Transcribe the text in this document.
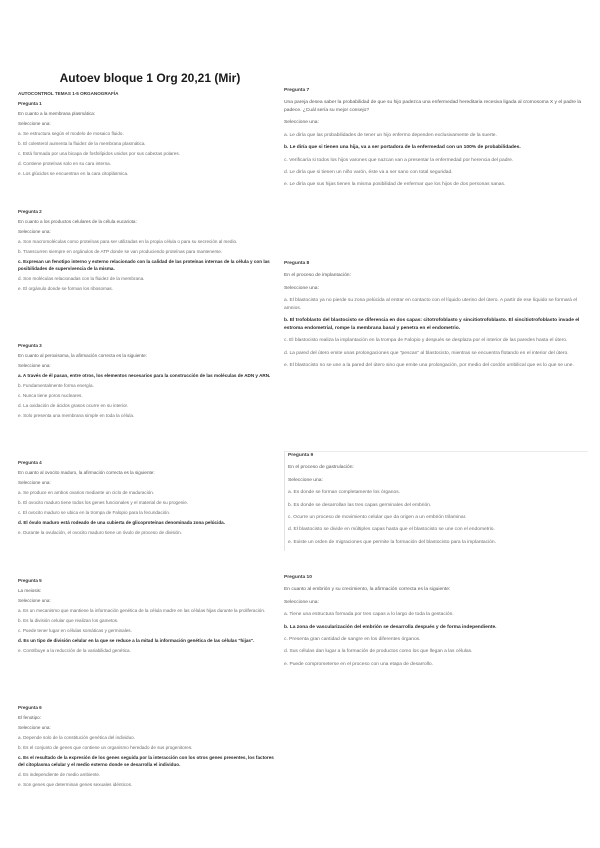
Autoev bloque 1 Org 20,21 (Mir)

AUTOCONTROL TEMAS 1-5 ORGANOGRAFÍA

Pregunta 1

En cuanto a la membrana plasmática:

Seleccione una:

a. Se estructura según el modelo de mosaico fluido.

b. El colesterol aumenta la fluidez de la membrana plasmática.

c. Está formada por una bicapa de fosfolípidos unidos por sus cabezas polares.

d. Contiene proteínas solo en su cara interna.

e. Los glúcidos se encuentran en la cara citoplásmica.

Pregunta 2

En cuanto a los productos celulares de la célula eucariota:

Seleccione una:

a. Son macromoléculas como proteínas para ser utilizadas en la propia célula o para su secreción al medio.

b. Transcurren siempre en orgánulos de ATP donde se van produciendo proteínas para mantenerse.

c. Expresan un fenotipo interno y externo relacionado con la calidad de las proteínas internas de la célula y con las posibilidades de supervivencia de la misma.

d. Son moléculas relacionadas con la fluidez de la membrana.

e. El orgánulo donde se forman los ribosomas.

Pregunta 3

En cuanto al peroxisoma, la afirmación correcta es la siguiente:

Seleccione una:

a. A través de él pasan, entre otros, los elementos necesarios para la construcción de las moléculas de ADN y ARN.

b. Fundamentalmente forma energía.

c. Nunca tiene poros nucleares.

d. La oxidación de ácidos grasos ocurre en su interior.

e. Solo presenta una membrana simple en toda la célula.

Pregunta 4

En cuanto al ovocito maduro, la afirmación correcta es la siguiente:

Seleccione una:

a. Se produce en ambos ovarios mediante un ciclo de maduración.

b. El ovocito maduro tiene todos los genes funcionales y el material de su progenie.

c. El ovocito maduro se ubica en la trompa de Falopio para la fecundación.

d. El óvulo maduro está rodeado de una cubierta de glicoproteínas denominada zona pelúcida.

e. Durante la ovulación, el ovocito maduro tiene un óvulo de proceso de división.

Pregunta 5

La meiosis:

Seleccione una:

a. Es un mecanismo que mantiene la información genética de la célula madre en las células hijas durante la proliferación.

b. Es la división celular que realizan los gametos.

c. Puede tener lugar en células somáticas y germinales.

d. Es un tipo de división celular en la que se reduce a la mitad la información genética de las células "hijas".

e. Contribuye a la reducción de la variabilidad genética.

Pregunta 6

El fenotipo:

Seleccione una:

a. Depende solo de la constitución genética del individuo.

b. Es el conjunto de genes que contiene un organismo heredado de sus progenitores.

c. Es el resultado de la expresión de los genes seguida por la interacción con los otros genes presentes, los factores del citoplasma celular y el medio externo donde se desarrolla el individuo.

d. Es independiente de medio ambiente.

e. Son genes que determinan genes sexuales idénticos.

Pregunta 7

Una pareja desea saber la probabilidad de que su hijo padezca una enfermedad hereditaria recesiva ligada al cromosoma X y el padre la padece. ¿Cuál sería su mejor consejo?

Seleccione una:

a. Le diría que las probabilidades de tener un hijo enfermo dependen exclusivamente de la suerte.

b. Le diría que si tienen una hija, va a ser portadora de la enfermedad con un 100% de probabilidades.

c. Verificaría si todos los hijos varones que nazcan van a presentar la enfermedad por herencia del padre.

d. Le diría que si tienen un niño varón, éste va a ser sano con total seguridad.

e. Le diría que sus hijas tienen la misma posibilidad de enfermar que los hijos de dos personas sanas.

Pregunta 8

En el proceso de implantación:

Seleccione una:

a. El blastocisto ya no pierde su zona pelúcida al entrar en contacto con el líquido uterino del útero. A partir de ese líquido se formará el amnios.

b. El trofoblasto del blastocisto se diferencia en dos capas: citotrofoblasto y sincitiotrofoblasto. El sincitiotrofoblasto invade el estroma endometrial, rompe la membrana basal y penetra en el endometrio.

c. El blastocisto realiza la implantación en la trompa de Falopio y después se desplaza por el interior de las paredes hasta el útero.

d. La pared del útero emite unas prolongaciones que "pescan" al blastocisto, mientras se encuentra flotando en el interior del útero.

e. El blastocisto no se une a la pared del útero sino que emite una prolongación, por medio del cordón umbilical que es lo que se une.

Pregunta 9

En el proceso de gastrulación:

Seleccione una:

a. Es donde se forman completamente los órganos.

b. Es donde se desarrollan las tres capas germinales del embrión.

c. Ocurre un proceso de movimiento celular que da origen a un embrión trilaminar.

d. El blastocisto se divide en múltiples capas hasta que el blastocisto se une con el endometrio.

e. Existe un orden de migraciones que permite la formación del blastocisto para la implantación.

Pregunta 10

En cuanto al embrión y su crecimiento, la afirmación correcta es la siguiente:

Seleccione una:

a. Tiene una estructura formada por tres capas a lo largo de toda la gestación.

b. La zona de vascularización del embrión se desarrolla después y de forma independiente.

c. Presenta gran cantidad de sangre en los diferentes órganos.

d. Sus células dan lugar a la formación de productos como los que llegan a las células.

e. Puede comprometerse en el proceso con una etapa de desarrollo.
